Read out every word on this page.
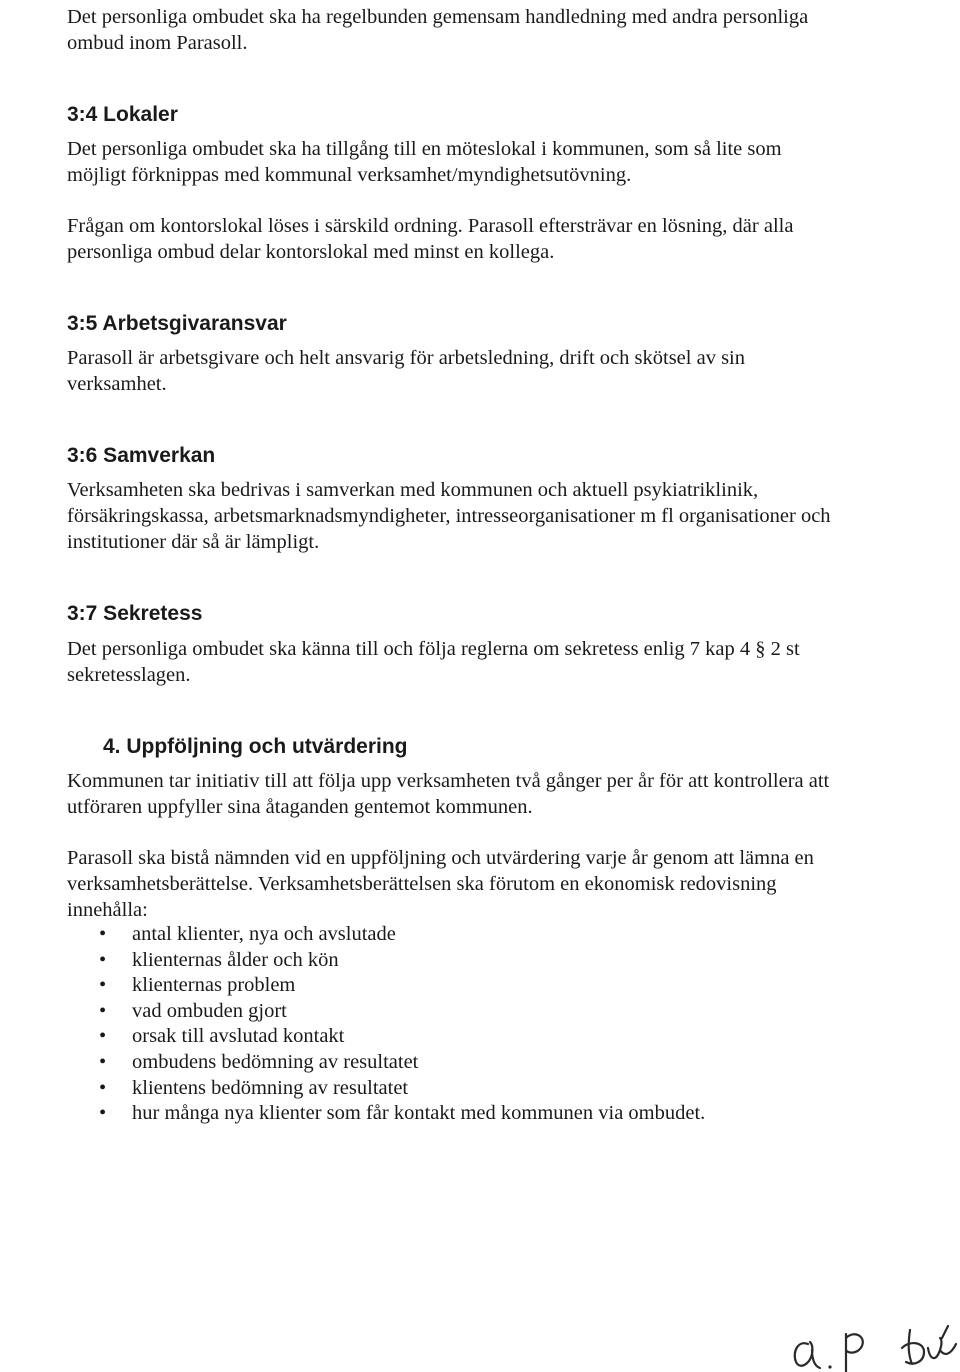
Det personliga ombudet ska ha regelbunden gemensam handledning med andra personliga
ombud inom Parasoll.

3:4 Lokaler

Det personliga ombudet ska ha tillgång till en möteslokal i kommunen, som så lite som
möjligt förknippas med kommunal verksamhet/myndighetsutövning.

Frågan om kontorslokal löses i särskild ordning. Parasoll eftersträvar en lösning, där alla
personliga ombud delar kontorslokal med minst en kollega.

3:5 Arbetsgivaransvar

Parasoll är arbetsgivare och helt ansvarig för arbetsledning, drift och skötsel av sin
verksamhet.

3:6 Samverkan

Verksamheten ska bedrivas i samverkan med kommunen och aktuell psykiatriklinik,
försäkringskassa, arbetsmarknadsmyndigheter, intresseorganisationer m fl organisationer och
institutioner där så är lämpligt.

3:7 Sekretess

Det personliga ombudet ska känna till och följa reglerna om sekretess enlig 7 kap 4 § 2 st
sekretesslagen.

4. Uppföljning och utvärdering

Kommunen tar initiativ till att följa upp verksamheten två gånger per år för att kontrollera att
utföraren uppfyller sina åtaganden gentemot kommunen.

Parasoll ska bistå nämnden vid en uppföljning och utvärdering varje år genom att lämna en
verksamhetsberättelse. Verksamhetsberättelsen ska förutom en ekonomisk redovisning
innehålla:

• antal klienter, nya och avslutade
• klienternas ålder och kön
• klienternas problem
• vad ombuden gjort
• orsak till avslutad kontakt
• ombudens bedömning av resultatet
• klientens bedömning av resultatet
• hur många nya klienter som får kontakt med kommunen via ombudet.
